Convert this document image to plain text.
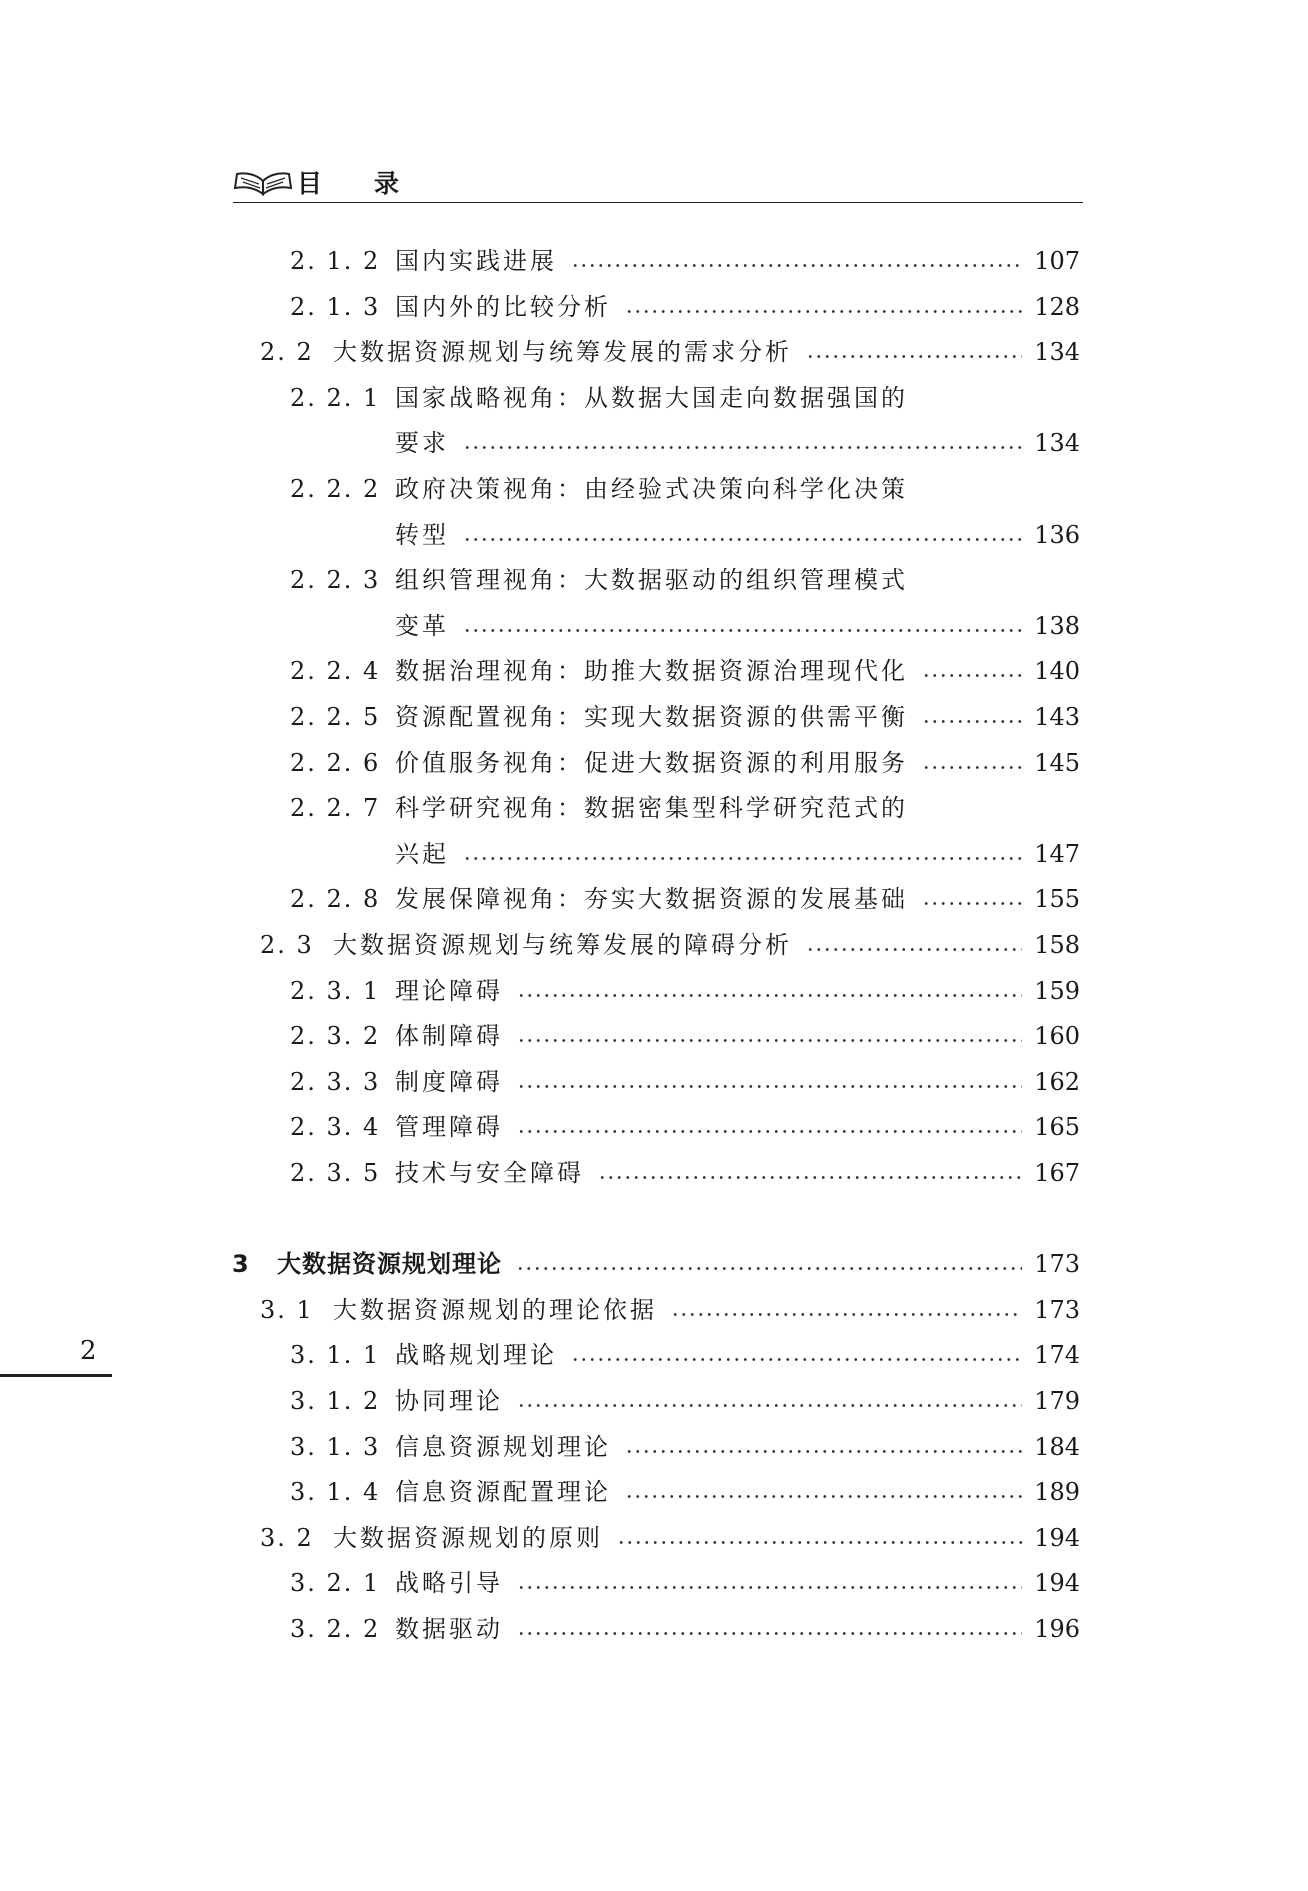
目录
2. 1. 2 国内实践进展	107
2. 1. 3 国内外的比较分析	128
2. 2 大数据资源规划与统筹发展的需求分析	134
2. 2. 1 国家战略视角：从数据大国走向数据强国的
要求	134
2. 2. 2 政府决策视角：由经验式决策向科学化决策
转型	136
2. 2. 3 组织管理视角：大数据驱动的组织管理模式
变革	138
2. 2. 4 数据治理视角：助推大数据资源治理现代化	140
2. 2. 5 资源配置视角：实现大数据资源的供需平衡	143
2. 2. 6 价值服务视角：促进大数据资源的利用服务	145
2. 2. 7 科学研究视角：数据密集型科学研究范式的
兴起	147
2. 2. 8 发展保障视角：夯实大数据资源的发展基础	155
2. 3 大数据资源规划与统筹发展的障碍分析	158
2. 3. 1 理论障碍	159
2. 3. 2 体制障碍	160
2. 3. 3 制度障碍	162
2. 3. 4 管理障碍	165
2. 3. 5 技术与安全障碍	167
3 大数据资源规划理论	173
3. 1 大数据资源规划的理论依据	173
3. 1. 1 战略规划理论	174
3. 1. 2 协同理论	179
3. 1. 3 信息资源规划理论	184
3. 1. 4 信息资源配置理论	189
3. 2 大数据资源规划的原则	194
3. 2. 1 战略引导	194
3. 2. 2 数据驱动	196
2
